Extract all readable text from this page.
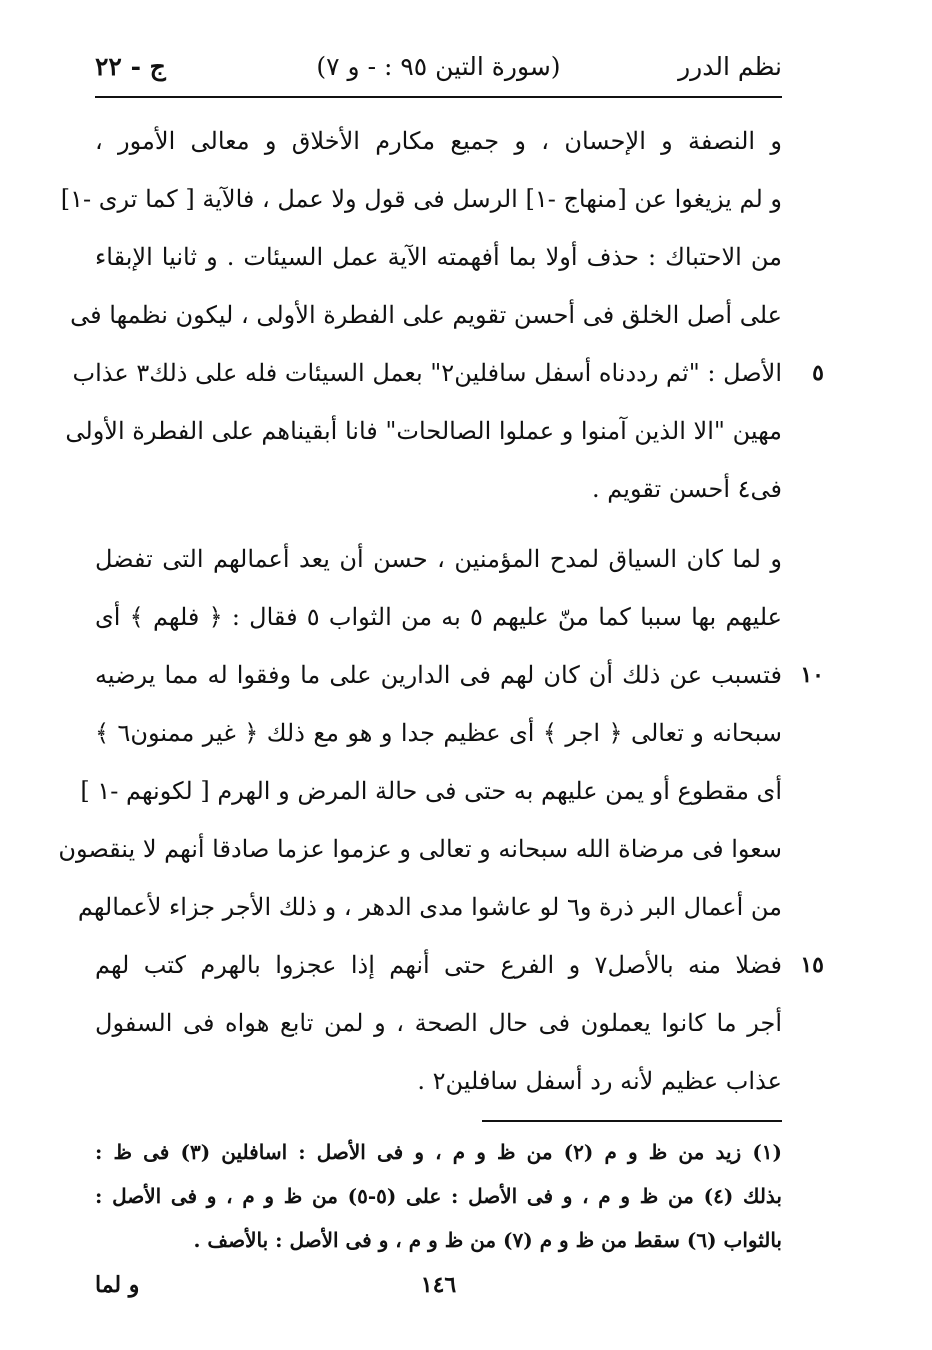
نظم الدرر
(سورة التين ٩٥ : - و ٧)
ج - ٢٢
و النصفة و الإحسان ، و جميع مكارم الأخلاق و معالى الأمور ،
و لم يزيغوا عن [منهاج -١] الرسل فى قول ولا عمل ، فالآية [ كما ترى -١]
من الاحتباك : حذف أولا بما أفهمته الآية عمل السيئات . و ثانيا الإبقاء
على أصل الخلق فى أحسن تقويم على الفطرة الأولى ، ليكون نظمها فى
٥
الأصل : "ثم رددناه أسفل سافلين٢" بعمل السيئات فله على ذلك٣ عذاب
مهين "الا الذين آمنوا و عملوا الصالحات" فانا أبقيناهم على الفطرة الأولى
فى٤ أحسن تقويم .
و لما كان السياق لمدح المؤمنين ، حسن أن يعد أعمالهم التى تفضل
عليهم بها سببا كما منّ عليهم ٥ به من الثواب ٥ فقال : ﴿ فلهم ﴾ أى
١٠
فتسبب عن ذلك أن كان لهم فى الدارين على ما وفقوا له مما يرضيه
سبحانه و تعالى ﴿ اجر ﴾ أى عظيم جدا و هو مع ذلك ﴿ غير ممنون٦ ﴾
أى مقطوع أو يمن عليهم به حتى فى حالة المرض و الهرم [ لكونهم -١ ]
سعوا فى مرضاة الله سبحانه و تعالى و عزموا عزما صادقا أنهم لا ينقصون
من أعمال البر ذرة و٦ لو عاشوا مدى الدهر ، و ذلك الأجر جزاء لأعمالهم
١٥
فضلا منه بالأصل٧ و الفرع حتى أنهم إذا عجزوا بالهرم كتب لهم
أجر ما كانوا يعملون فى حال الصحة ، و لمن تابع هواه فى السفول
عذاب عظيم لأنه رد أسفل سافلين٢ .
(١) زيد من ظ و م (٢) من ظ و م ، و فى الأصل : اسافلين (٣) فى ظ :
بذلك (٤) من ظ و م ، و فى الأصل : على (٥-٥) من ظ و م ، و فى الأصل :
بالثواب (٦) سقط من ظ و م (٧) من ظ و م ، و فى الأصل : بالأصف .
١٤٦
و لما
